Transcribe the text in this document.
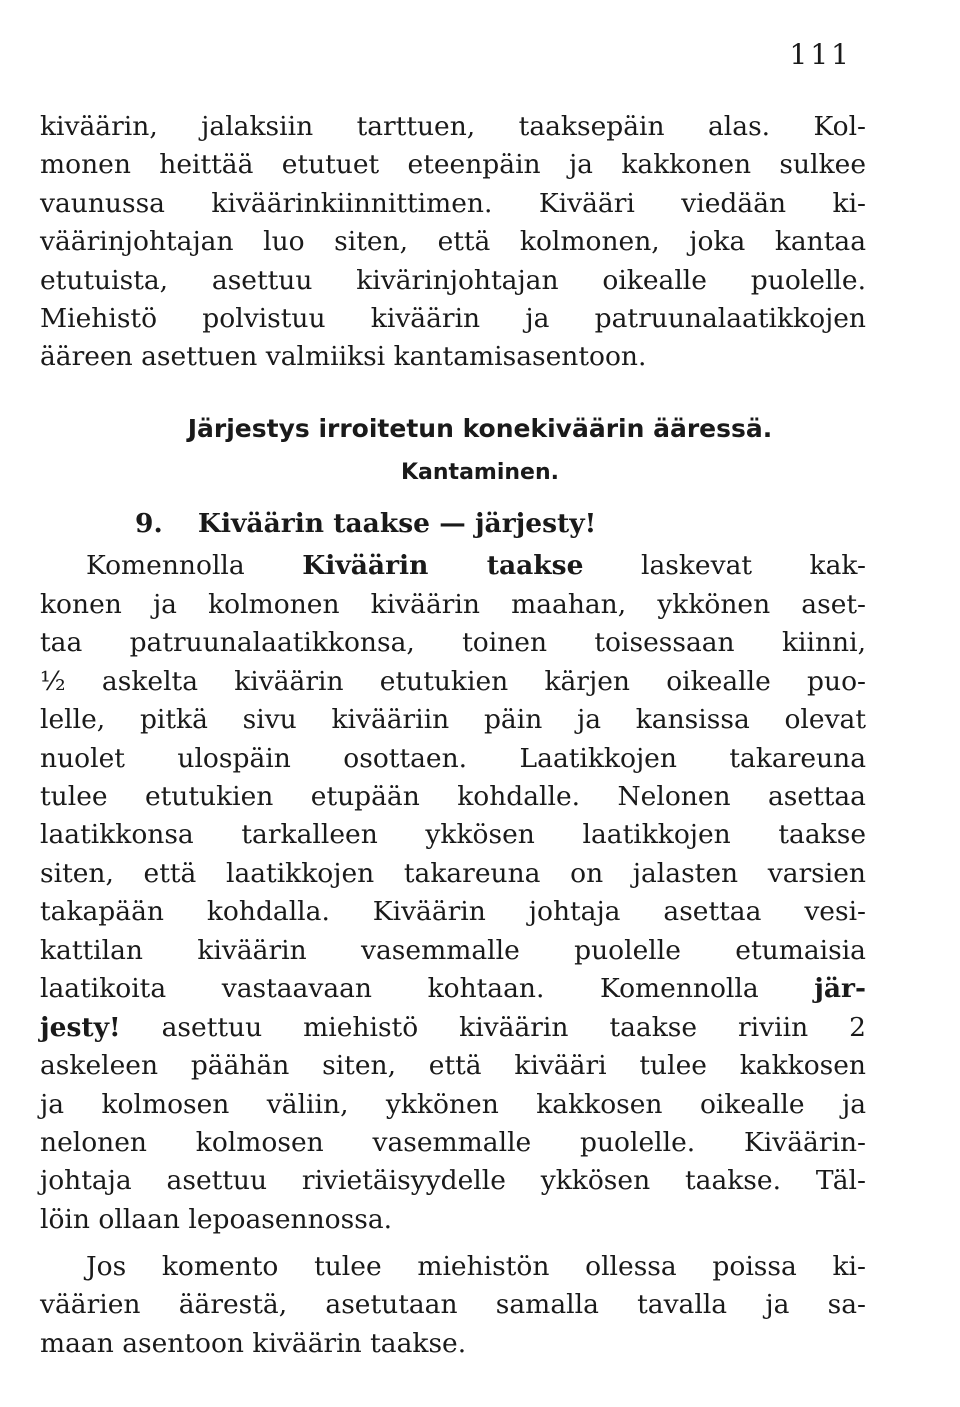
111
kiväärin, jalaksiin tarttuen, taaksepäin alas. Kol-
monen heittää etutuet eteenpäin ja kakkonen sulkee
vaunussa kiväärinkiinnittimen. Kivääri viedään ki-
väärinjohtajan luo siten, että kolmonen, joka kantaa
etutuista, asettuu kivärinjohtajan oikealle puolelle.
Miehistö polvistuu kiväärin ja patruunalaatikkojen
ääreen asettuen valmiiksi kantamisasentoon.
Järjestys irroitetun konekiväärin ääressä.
Kantaminen.
9. Kiväärin taakse — järjesty!
Komennolla Kiväärin taakse laskevat kak-
konen ja kolmonen kiväärin maahan, ykkönen aset-
taa patruunalaatikkonsa, toinen toisessaan kiinni,
½ askelta kiväärin etutukien kärjen oikealle puo-
lelle, pitkä sivu kivääriin päin ja kansissa olevat
nuolet ulospäin osottaen. Laatikkojen takareuna
tulee etutukien etupään kohdalle. Nelonen asettaa
laatikkonsa tarkalleen ykkösen laatikkojen taakse
siten, että laatikkojen takareuna on jalasten varsien
takapään kohdalla. Kiväärin johtaja asettaa vesi-
kattilan kiväärin vasemmalle puolelle etumaisia
laatikoita vastaavaan kohtaan. Komennolla jär-
jesty! asettuu miehistö kiväärin taakse riviin 2
askeleen päähän siten, että kivääri tulee kakkosen
ja kolmosen väliin, ykkönen kakkosen oikealle ja
nelonen kolmosen vasemmalle puolelle. Kiväärin-
johtaja asettuu rivietäisyydelle ykkösen taakse. Täl-
löin ollaan lepoasennossa.
Jos komento tulee miehistön ollessa poissa ki-
väärien äärestä, asetutaan samalla tavalla ja sa-
maan asentoon kiväärin taakse.
